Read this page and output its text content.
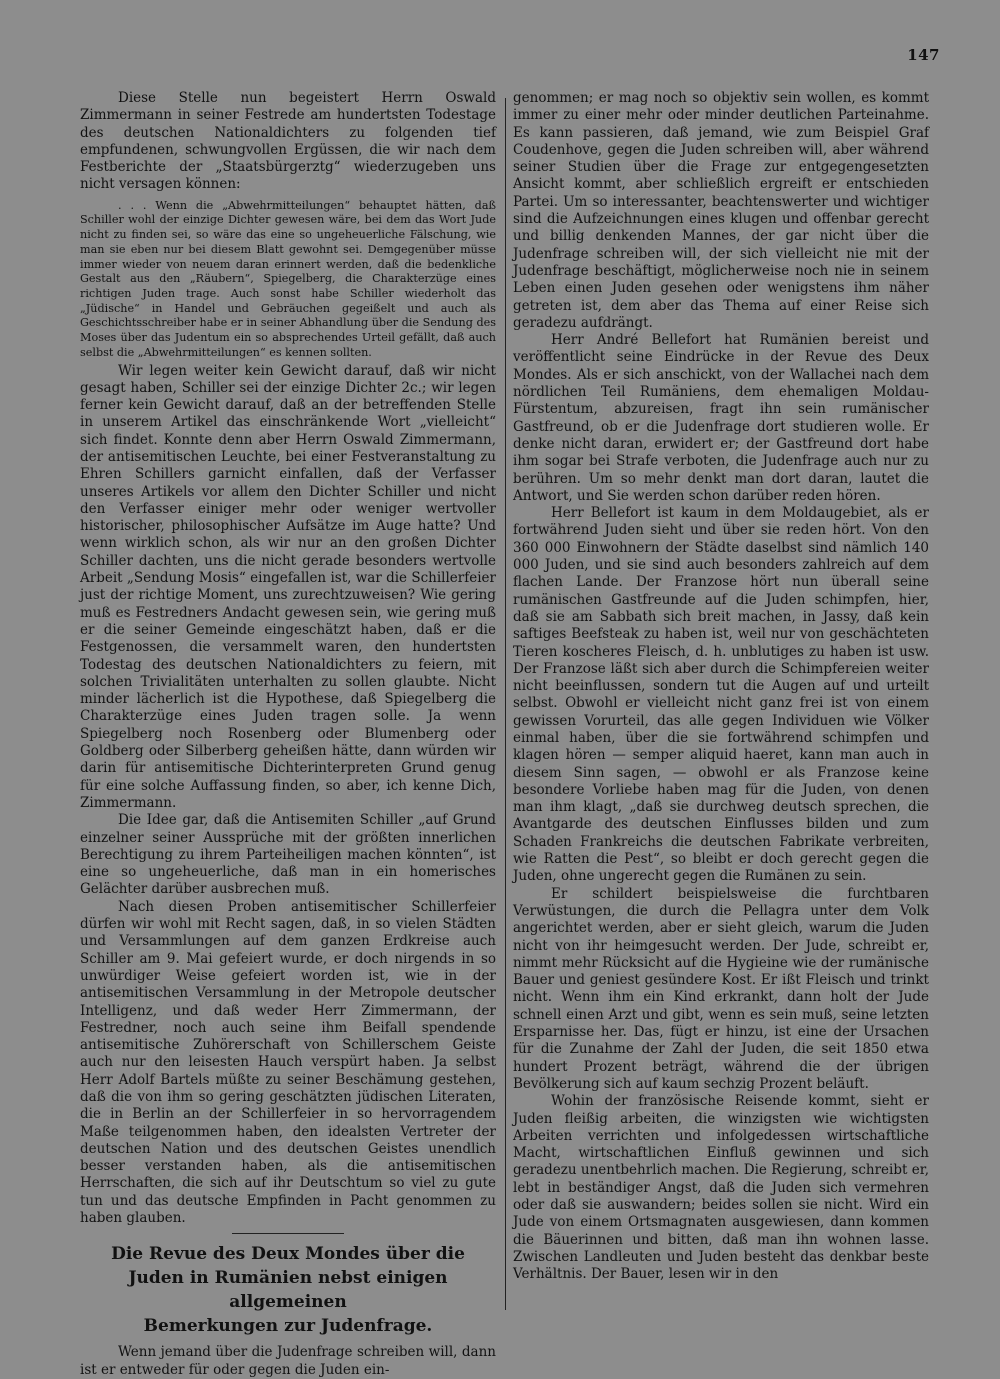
147

Diese Stelle nun begeistert Herrn Oswald Zimmermann in seiner Festrede am hundertsten Todestage des deutschen Nationaldichters zu folgenden tief empfundenen, schwungvollen Ergüssen, die wir nach dem Festberichte der „Staatsbürgerztg“ wiederzugeben uns nicht versagen können:

. . . Wenn die „Abwehrmitteilungen“ behauptet hätten, daß Schiller wohl der einzige Dichter gewesen wäre, bei dem das Wort Jude nicht zu finden sei, so wäre das eine so ungeheuerliche Fälschung, wie man sie eben nur bei diesem Blatt gewohnt sei. Demgegenüber müsse immer wieder von neuem daran erinnert werden, daß die bedenkliche Gestalt aus den „Räubern“, Spiegelberg, die Charakterzüge eines richtigen Juden trage. Auch sonst habe Schiller wiederholt das „Jüdische“ in Handel und Gebräuchen gegeißelt und auch als Geschichtsschreiber habe er in seiner Abhandlung über die Sendung des Moses über das Judentum ein so absprechendes Urteil gefällt, daß auch selbst die „Abwehrmitteilungen“ es kennen sollten.

Wir legen weiter kein Gewicht darauf, daß wir nicht gesagt haben, Schiller sei der einzige Dichter 2c.; wir legen ferner kein Gewicht darauf, daß an der betreffenden Stelle in unserem Artikel das einschränkende Wort „vielleicht“ sich findet. Konnte denn aber Herrn Oswald Zimmermann, der antisemitischen Leuchte, bei einer Festveranstaltung zu Ehren Schillers garnicht einfallen, daß der Verfasser unseres Artikels vor allem den Dichter Schiller und nicht den Verfasser einiger mehr oder weniger wertvoller historischer, philosophischer Aufsätze im Auge hatte? Und wenn wirklich schon, als wir nur an den großen Dichter Schiller dachten, uns die nicht gerade besonders wertvolle Arbeit „Sendung Mosis“ eingefallen ist, war die Schillerfeier just der richtige Moment, uns zurechtzuweisen? Wie gering muß es Festredners Andacht gewesen sein, wie gering muß er die seiner Gemeinde eingeschätzt haben, daß er die Festgenossen, die versammelt waren, den hundertsten Todestag des deutschen Nationaldichters zu feiern, mit solchen Trivialitäten unterhalten zu sollen glaubte. Nicht minder lächerlich ist die Hypothese, daß Spiegelberg die Charakterzüge eines Juden tragen solle. Ja wenn Spiegelberg noch Rosenberg oder Blumenberg oder Goldberg oder Silberberg geheißen hätte, dann würden wir darin für antisemitische Dichterinterpreten Grund genug für eine solche Auffassung finden, so aber, ich kenne Dich, Zimmermann.

Die Idee gar, daß die Antisemiten Schiller „auf Grund einzelner seiner Aussprüche mit der größten innerlichen Berechtigung zu ihrem Parteiheiligen machen könnten“, ist eine so ungeheuerliche, daß man in ein homerisches Gelächter darüber ausbrechen muß.

Nach diesen Proben antisemitischer Schillerfeier dürfen wir wohl mit Recht sagen, daß, in so vielen Städten und Versammlungen auf dem ganzen Erdkreise auch Schiller am 9. Mai gefeiert wurde, er doch nirgends in so unwürdiger Weise gefeiert worden ist, wie in der antisemitischen Versammlung in der Metropole deutscher Intelligenz, und daß weder Herr Zimmermann, der Festredner, noch auch seine ihm Beifall spendende antisemitische Zuhörerschaft von Schillerschem Geiste auch nur den leisesten Hauch verspürt haben. Ja selbst Herr Adolf Bartels müßte zu seiner Beschämung gestehen, daß die von ihm so gering geschätzten jüdischen Literaten, die in Berlin an der Schillerfeier in so hervorragendem Maße teilgenommen haben, den idealsten Vertreter der deutschen Nation und des deutschen Geistes unendlich besser verstanden haben, als die antisemitischen Herrschaften, die sich auf ihr Deutschtum so viel zu gute tun und das deutsche Empfinden in Pacht genommen zu haben glauben.

Die Revue des Deux Mondes über die
Juden in Rumänien nebst einigen allgemeinen
Bemerkungen zur Judenfrage.

Wenn jemand über die Judenfrage schreiben will, dann ist er entweder für oder gegen die Juden ein-

genommen; er mag noch so objektiv sein wollen, es kommt immer zu einer mehr oder minder deutlichen Parteinahme. Es kann passieren, daß jemand, wie zum Beispiel Graf Coudenhove, gegen die Juden schreiben will, aber während seiner Studien über die Frage zur entgegengesetzten Ansicht kommt, aber schließlich ergreift er entschieden Partei. Um so interessanter, beachtenswerter und wichtiger sind die Aufzeichnungen eines klugen und offenbar gerecht und billig denkenden Mannes, der gar nicht über die Judenfrage schreiben will, der sich vielleicht nie mit der Judenfrage beschäftigt, möglicherweise noch nie in seinem Leben einen Juden gesehen oder wenigstens ihm näher getreten ist, dem aber das Thema auf einer Reise sich geradezu aufdrängt.

Herr André Bellefort hat Rumänien bereist und veröffentlicht seine Eindrücke in der Revue des Deux Mondes. Als er sich anschickt, von der Wallachei nach dem nördlichen Teil Rumäniens, dem ehemaligen Moldau-Fürstentum, abzureisen, fragt ihn sein rumänischer Gastfreund, ob er die Judenfrage dort studieren wolle. Er denke nicht daran, erwidert er; der Gastfreund dort habe ihm sogar bei Strafe verboten, die Judenfrage auch nur zu berühren. Um so mehr denkt man dort daran, lautet die Antwort, und Sie werden schon darüber reden hören.

Herr Bellefort ist kaum in dem Moldaugebiet, als er fortwährend Juden sieht und über sie reden hört. Von den 360 000 Einwohnern der Städte daselbst sind nämlich 140 000 Juden, und sie sind auch besonders zahlreich auf dem flachen Lande. Der Franzose hört nun überall seine rumänischen Gastfreunde auf die Juden schimpfen, hier, daß sie am Sabbath sich breit machen, in Jassy, daß kein saftiges Beefsteak zu haben ist, weil nur von geschächteten Tieren koscheres Fleisch, d. h. unblutiges zu haben ist usw. Der Franzose läßt sich aber durch die Schimpfereien weiter nicht beeinflussen, sondern tut die Augen auf und urteilt selbst. Obwohl er vielleicht nicht ganz frei ist von einem gewissen Vorurteil, das alle gegen Individuen wie Völker einmal haben, über die sie fortwährend schimpfen und klagen hören — semper aliquid haeret, kann man auch in diesem Sinn sagen, — obwohl er als Franzose keine besondere Vorliebe haben mag für die Juden, von denen man ihm klagt, „daß sie durchweg deutsch sprechen, die Avantgarde des deutschen Einflusses bilden und zum Schaden Frankreichs die deutschen Fabrikate verbreiten, wie Ratten die Pest“, so bleibt er doch gerecht gegen die Juden, ohne ungerecht gegen die Rumänen zu sein.

Er schildert beispielsweise die furchtbaren Verwüstungen, die durch die Pellagra unter dem Volk angerichtet werden, aber er sieht gleich, warum die Juden nicht von ihr heimgesucht werden. Der Jude, schreibt er, nimmt mehr Rücksicht auf die Hygieine wie der rumänische Bauer und geniest gesündere Kost. Er ißt Fleisch und trinkt nicht. Wenn ihm ein Kind erkrankt, dann holt der Jude schnell einen Arzt und gibt, wenn es sein muß, seine letzten Ersparnisse her. Das, fügt er hinzu, ist eine der Ursachen für die Zunahme der Zahl der Juden, die seit 1850 etwa hundert Prozent beträgt, während die der übrigen Bevölkerung sich auf kaum sechzig Prozent beläuft.

Wohin der französische Reisende kommt, sieht er Juden fleißig arbeiten, die winzigsten wie wichtigsten Arbeiten verrichten und infolgedessen wirtschaftliche Macht, wirtschaftlichen Einfluß gewinnen und sich geradezu unentbehrlich machen. Die Regierung, schreibt er, lebt in beständiger Angst, daß die Juden sich vermehren oder daß sie auswandern; beides sollen sie nicht. Wird ein Jude von einem Ortsmagnaten ausgewiesen, dann kommen die Bäuerinnen und bitten, daß man ihn wohnen lasse. Zwischen Landleuten und Juden besteht das denkbar beste Verhältnis. Der Bauer, lesen wir in den
